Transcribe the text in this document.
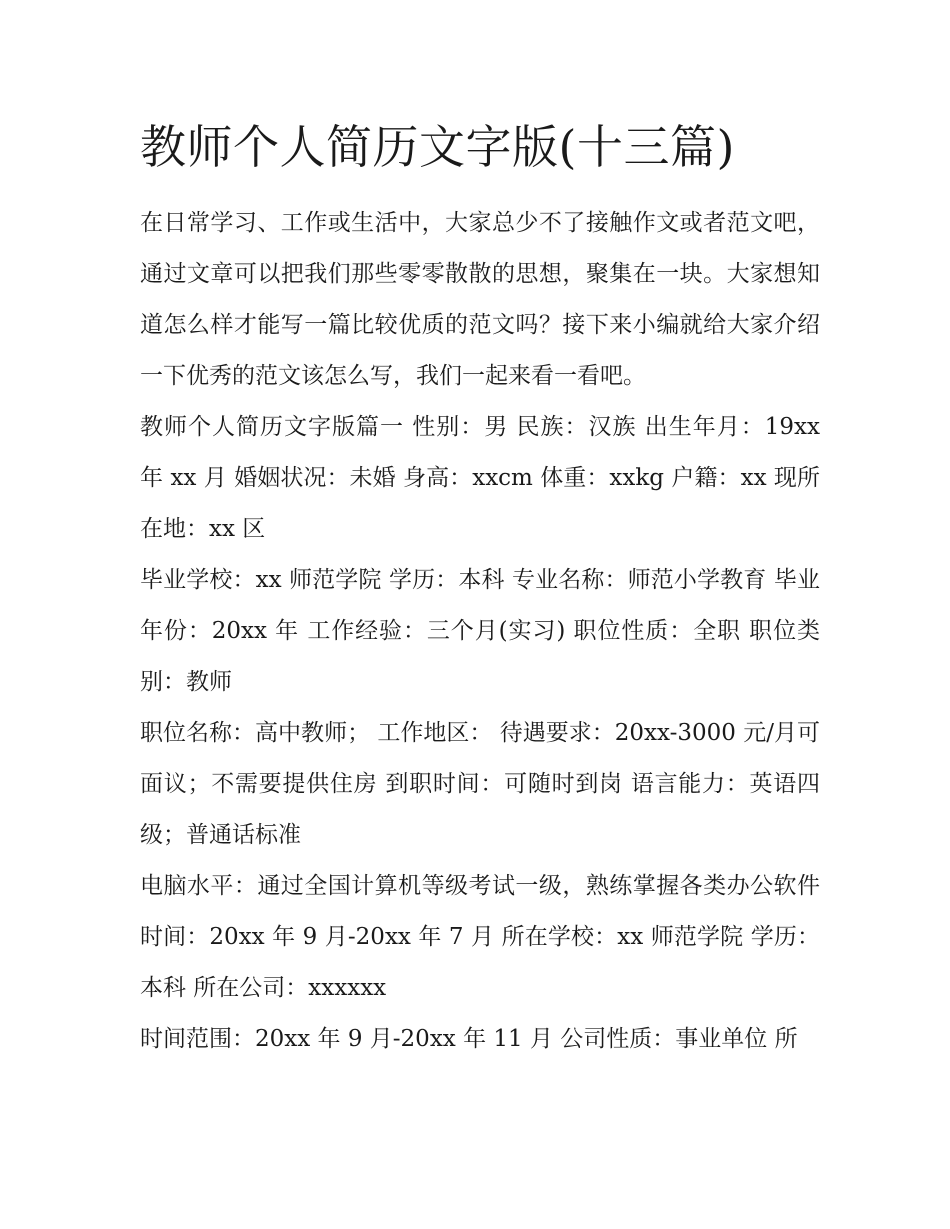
教师个人简历文字版(十三篇)

在日常学习、工作或生活中，大家总少不了接触作文或者范文吧，通过文章可以把我们那些零零散散的思想，聚集在一块。大家想知道怎么样才能写一篇比较优质的范文吗？接下来小编就给大家介绍一下优秀的范文该怎么写，我们一起来看一看吧。

教师个人简历文字版篇一 性别：男 民族：汉族 出生年月：19xx 年 xx 月 婚姻状况：未婚 身高：xxcm 体重：xxkg 户籍：xx 现所在地：xx 区

毕业学校：xx 师范学院 学历：本科 专业名称：师范小学教育 毕业年份：20xx 年 工作经验：三个月(实习) 职位性质：全职 职位类别：教师

职位名称：高中教师； 工作地区： 待遇要求：20xx-3000 元/月可面议；不需要提供住房 到职时间：可随时到岗 语言能力：英语四级；普通话标准

电脑水平：通过全国计算机等级考试一级，熟练掌握各类办公软件 时间：20xx 年 9 月-20xx 年 7 月 所在学校：xx 师范学院 学历：本科 所在公司：xxxxxx

时间范围：20xx 年 9 月-20xx 年 11 月 公司性质：事业单位 所
